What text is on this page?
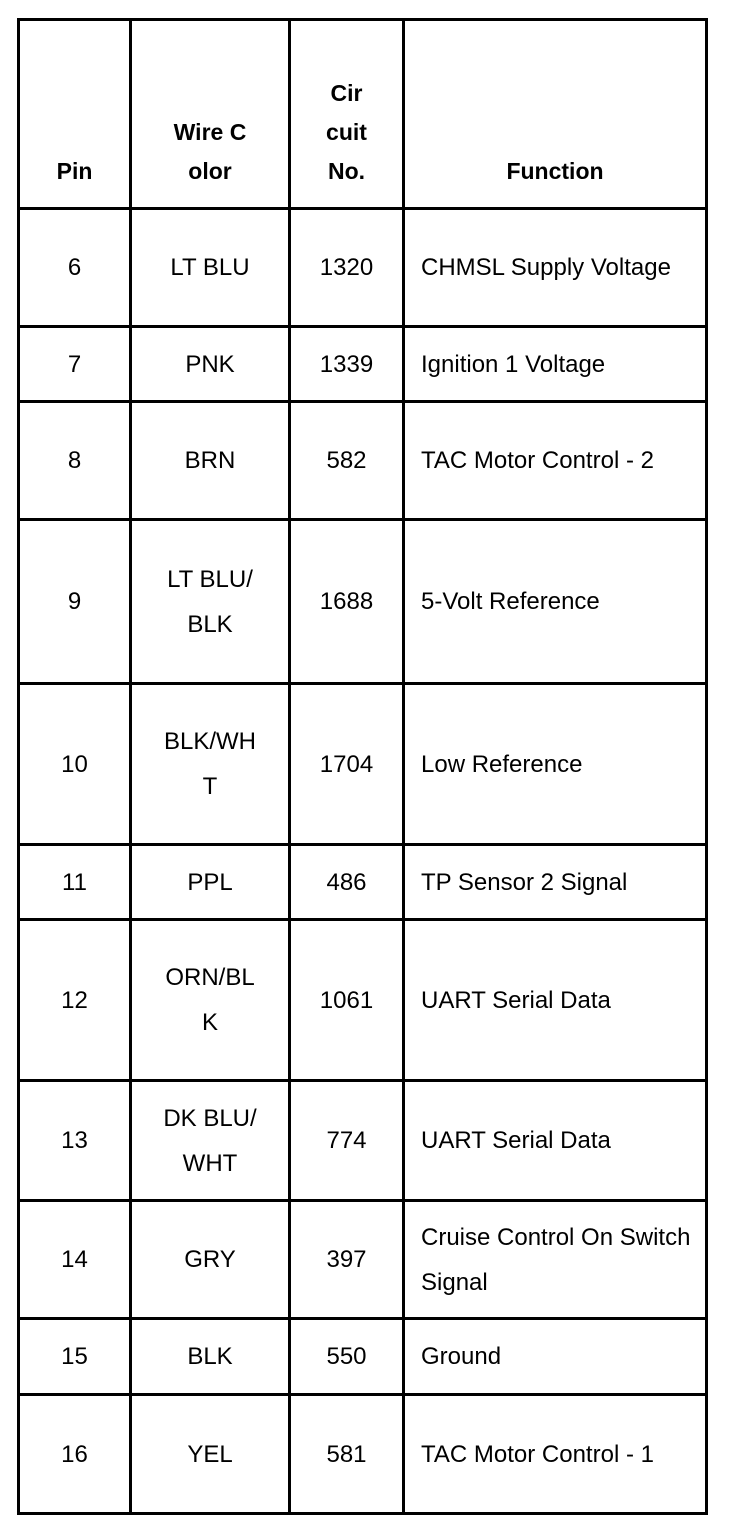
Pin	Wire Color	Circuit No.	Function
6	LT BLU	1320	CHMSL Supply Voltage
7	PNK	1339	Ignition 1 Voltage
8	BRN	582	TAC Motor Control - 2
9	LT BLU/BLK	1688	5-Volt Reference
10	BLK/WHT	1704	Low Reference
11	PPL	486	TP Sensor 2 Signal
12	ORN/BLK	1061	UART Serial Data
13	DK BLU/WHT	774	UART Serial Data
14	GRY	397	Cruise Control On Switch Signal
15	BLK	550	Ground
16	YEL	581	TAC Motor Control - 1
